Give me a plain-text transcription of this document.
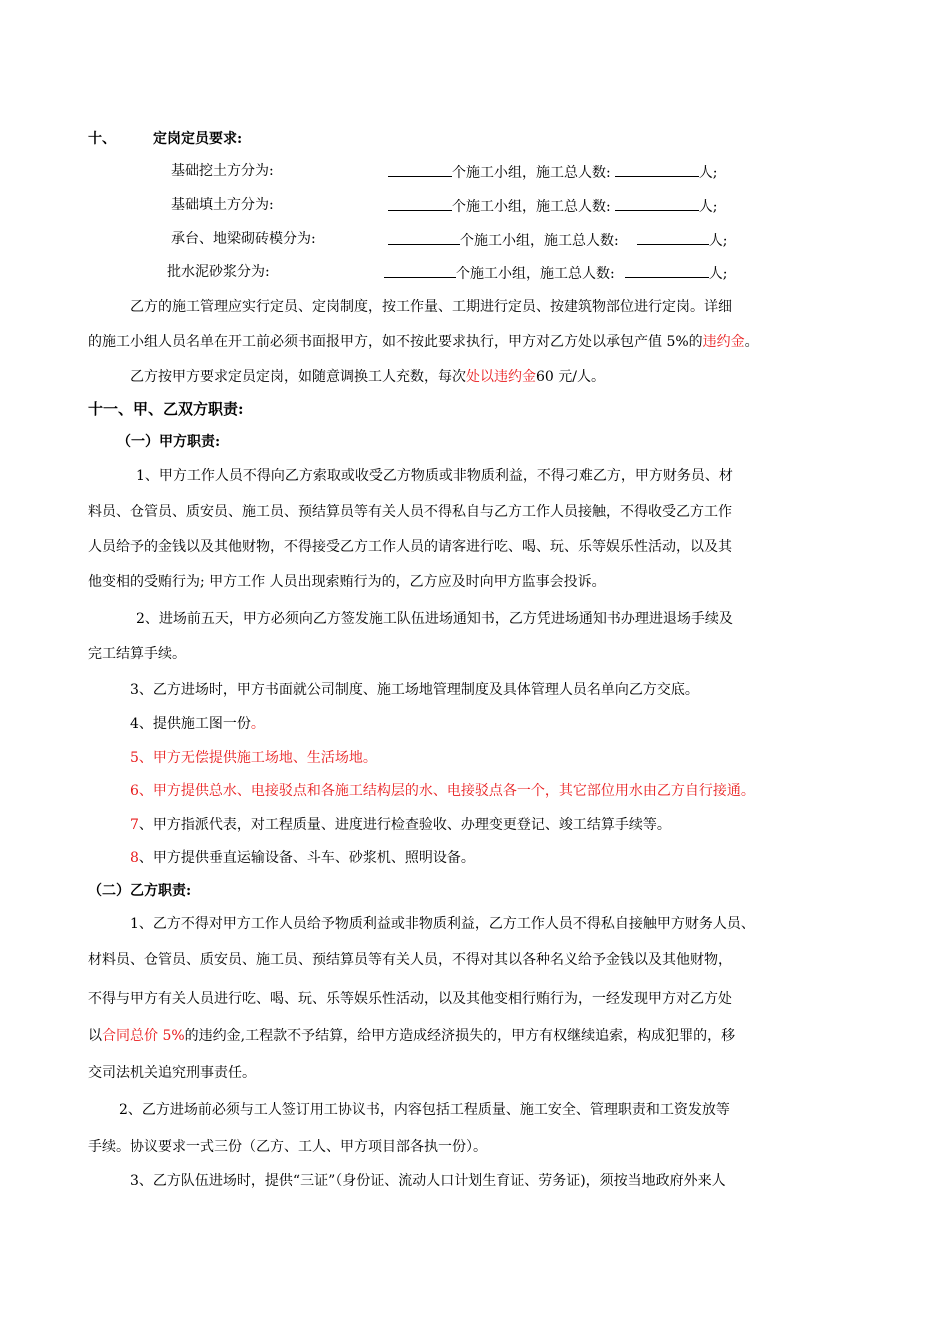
十、	定岗定员要求:
基础挖土方分为:	个施工小组，施工总人数:	人;
基础填土方分为:	个施工小组，施工总人数:	人;
承台、地梁砌砖模分为:	个施工小组，施工总人数:	人;
批水泥砂浆分为:	个施工小组，施工总人数:	人;
乙方的施工管理应实行定员、定岗制度，按工作量、工期进行定员、按建筑物部位进行定岗。详细
的施工小组人员名单在开工前必须书面报甲方，如不按此要求执行，甲方对乙方处以承包产值 5%的违约金。
乙方按甲方要求定员定岗，如随意调换工人充数，每次处以违约金60 元/人。
十一、甲、乙双方职责:
（一）甲方职责:
1、甲方工作人员不得向乙方索取或收受乙方物质或非物质利益，不得刁难乙方，甲方财务员、材
料员、仓管员、质安员、施工员、预结算员等有关人员不得私自与乙方工作人员接触，不得收受乙方工作
人员给予的金钱以及其他财物，不得接受乙方工作人员的请客进行吃、喝、玩、乐等娱乐性活动，以及其
他变相的受贿行为; 甲方工作 人员出现索贿行为的，乙方应及时向甲方监事会投诉。
2、进场前五天，甲方必须向乙方签发施工队伍进场通知书，乙方凭进场通知书办理进退场手续及
完工结算手续。
3、乙方进场时，甲方书面就公司制度、施工场地管理制度及具体管理人员名单向乙方交底。
4、提供施工图一份。
5、甲方无偿提供施工场地、生活场地。
6、甲方提供总水、电接驳点和各施工结构层的水、电接驳点各一个，其它部位用水由乙方自行接通。
7、甲方指派代表，对工程质量、进度进行检查验收、办理变更登记、竣工结算手续等。
8、甲方提供垂直运输设备、斗车、砂浆机、照明设备。
（二）乙方职责:
1、乙方不得对甲方工作人员给予物质利益或非物质利益，乙方工作人员不得私自接触甲方财务人员、
材料员、仓管员、质安员、施工员、预结算员等有关人员，不得对其以各种名义给予金钱以及其他财物，
不得与甲方有关人员进行吃、喝、玩、乐等娱乐性活动，以及其他变相行贿行为，一经发现甲方对乙方处
以合同总价 5%的违约金,工程款不予结算，给甲方造成经济损失的，甲方有权继续追索，构成犯罪的，移
交司法机关追究刑事责任。
2、乙方进场前必须与工人签订用工协议书，内容包括工程质量、施工安全、管理职责和工资发放等
手续。协议要求一式三份（乙方、工人、甲方项目部各执一份）。
3、乙方队伍进场时，提供“三证”（身份证、流动人口计划生育证、劳务证)，须按当地政府外来人
